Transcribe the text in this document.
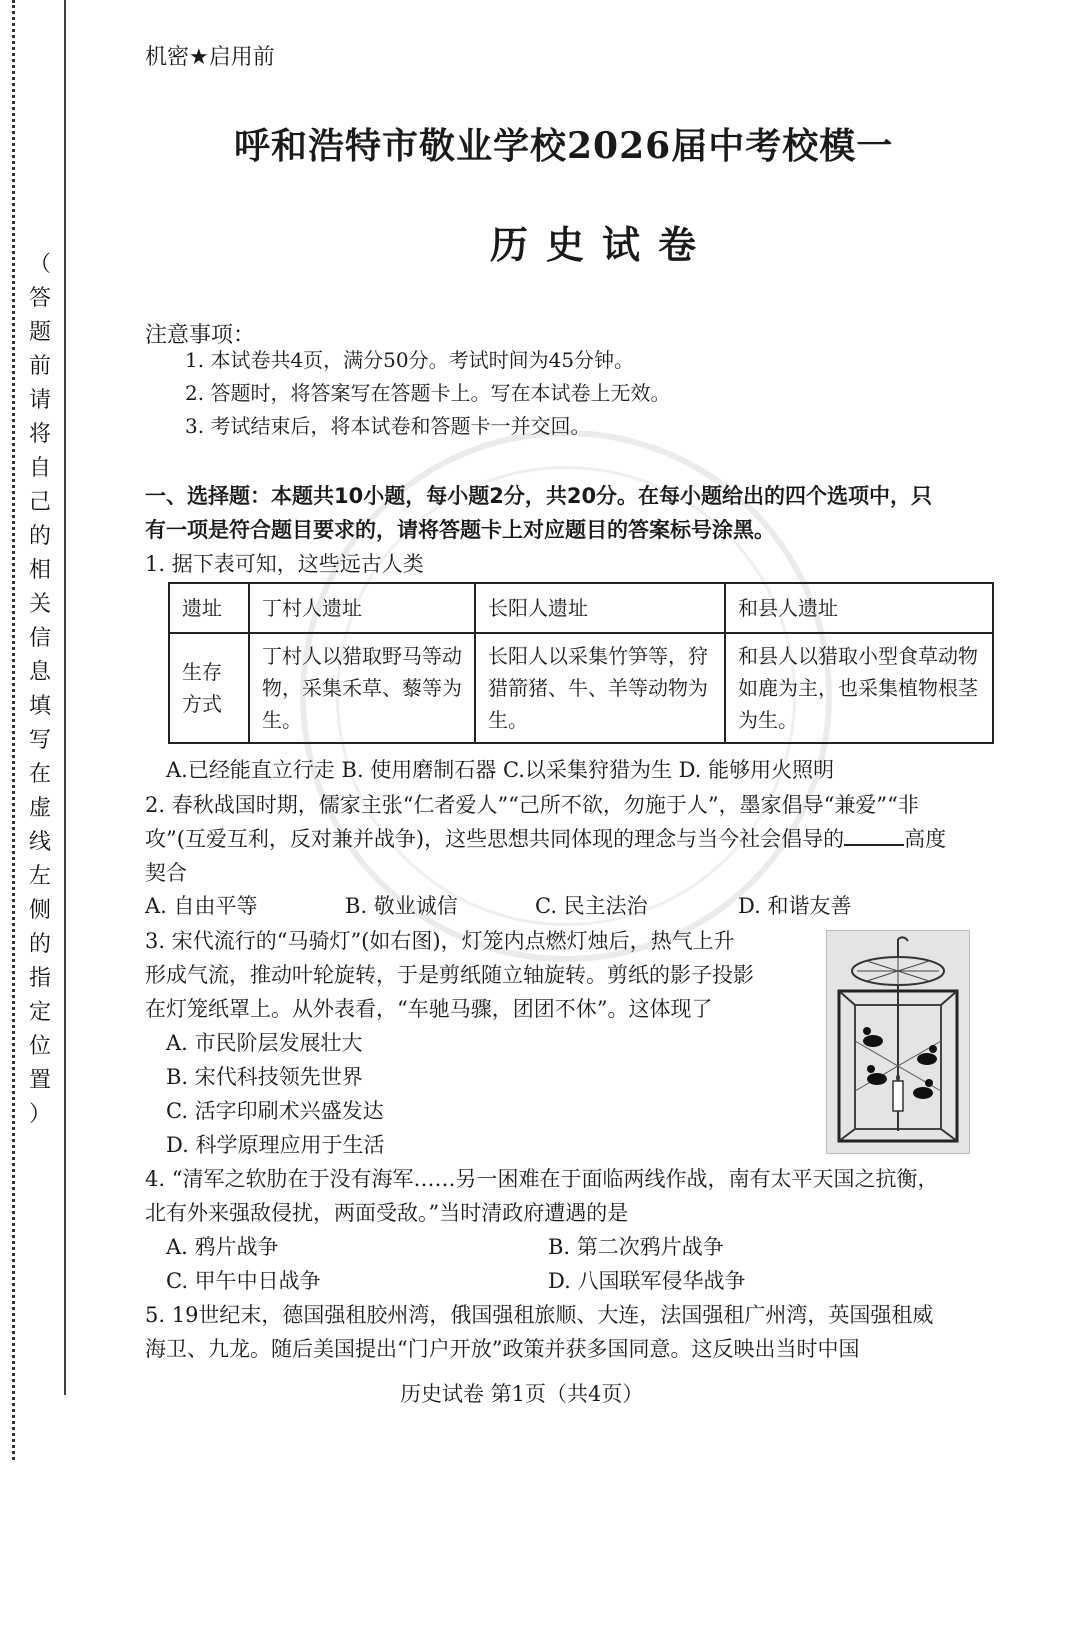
（
答
题
前
请
将
自
己
的
相
关
信
息
填
写
在
虚
线
左
侧
的
指
定
位
置
）
机密★启用前
呼和浩特市敬业学校2026届中考校模一
历史试卷
注意事项：
1. 本试卷共4页，满分50分。考试时间为45分钟。
2. 答题时，将答案写在答题卡上。写在本试卷上无效。
3. 考试结束后，将本试卷和答题卡一并交回。
一、选择题：本题共10小题，每小题2分，共20分。在每小题给出的四个选项中，只
有一项是符合题目要求的，请将答题卡上对应题目的答案标号涂黑。
1. 据下表可知，这些远古人类
遗址	丁村人遗址	长阳人遗址	和县人遗址
生存方式	丁村人以猎取野马等动物，采集禾草、藜等为生。	长阳人以采集竹笋等，狩猎箭猪、牛、羊等动物为生。	和县人以猎取小型食草动物如鹿为主，也采集植物根茎为生。
A.已经能直立行走 B. 使用磨制石器 C.以采集狩猎为生 D. 能够用火照明
2. 春秋战国时期，儒家主张“仁者爱人”“己所不欲，勿施于人”，墨家倡导“兼爱”“非
攻”(互爱互利，反对兼并战争)，这些思想共同体现的理念与当今社会倡导的	高度
契合
A. 自由平等	B. 敬业诚信	C. 民主法治	D. 和谐友善
3. 宋代流行的“马骑灯”(如右图)，灯笼内点燃灯烛后，热气上升
形成气流，推动叶轮旋转，于是剪纸随立轴旋转。剪纸的影子投影
在灯笼纸罩上。从外表看，“车驰马骤，团团不休”。这体现了
A. 市民阶层发展壮大
B. 宋代科技领先世界
C. 活字印刷术兴盛发达
D. 科学原理应用于生活
4. “清军之软肋在于没有海军……另一困难在于面临两线作战，南有太平天国之抗衡，
北有外来强敌侵扰，两面受敌。”当时清政府遭遇的是
A. 鸦片战争	B. 第二次鸦片战争
C. 甲午中日战争	D. 八国联军侵华战争
5. 19世纪末，德国强租胶州湾，俄国强租旅顺、大连，法国强租广州湾，英国强租威
海卫、九龙。随后美国提出“门户开放”政策并获多国同意。这反映出当时中国
历史试卷 第1页（共4页）
